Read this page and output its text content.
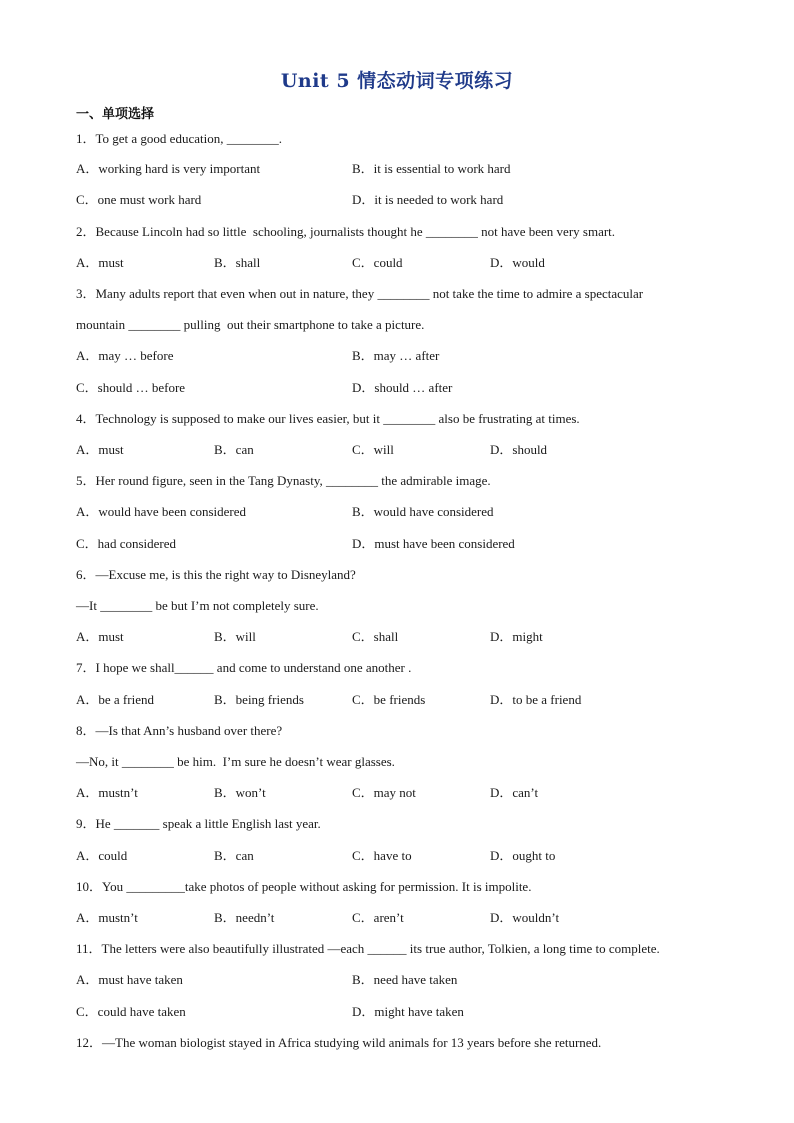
Unit 5 情态动词专项练习
一、单项选择
1．To get a good education, ________.
A．working hard is very important	B．it is essential to work hard
C．one must work hard	D．it is needed to work hard
2．Because Lincoln had so little  schooling, journalists thought he ________ not have been very smart.
A．must	B．shall	C．could	D．would
3．Many adults report that even when out in nature, they ________ not take the time to admire a spectacular
mountain ________ pulling  out their smartphone to take a picture.
A．may … before	B．may … after
C．should … before	D．should … after
4．Technology is supposed to make our lives easier, but it ________ also be frustrating at times.
A．must	B．can	C．will	D．should
5．Her round figure, seen in the Tang Dynasty, ________ the admirable image.
A．would have been considered	B．would have considered
C．had considered	D．must have been considered
6．—Excuse me, is this the right way to Disneyland?
—It ________ be but I’m not completely sure.
A．must	B．will	C．shall	D．might
7．I hope we shall______ and come to understand one another .
A．be a friend	B．being friends	C．be friends	D．to be a friend
8．—Is that Ann’s husband over there?
—No, it ________ be him.  I’m sure he doesn’t wear glasses.
A．mustn’t	B．won’t	C．may not	D．can’t
9．He _______ speak a little English last year.
A．could	B．can	C．have to	D．ought to
10．You _________take photos of people without asking for permission. It is impolite.
A．mustn’t	B．needn’t	C．aren’t	D．wouldn’t
11．The letters were also beautifully illustrated —each ______ its true author, Tolkien, a long time to complete.
A．must have taken	B．need have taken
C．could have taken	D．might have taken
12．—The woman biologist stayed in Africa studying wild animals for 13 years before she returned.
